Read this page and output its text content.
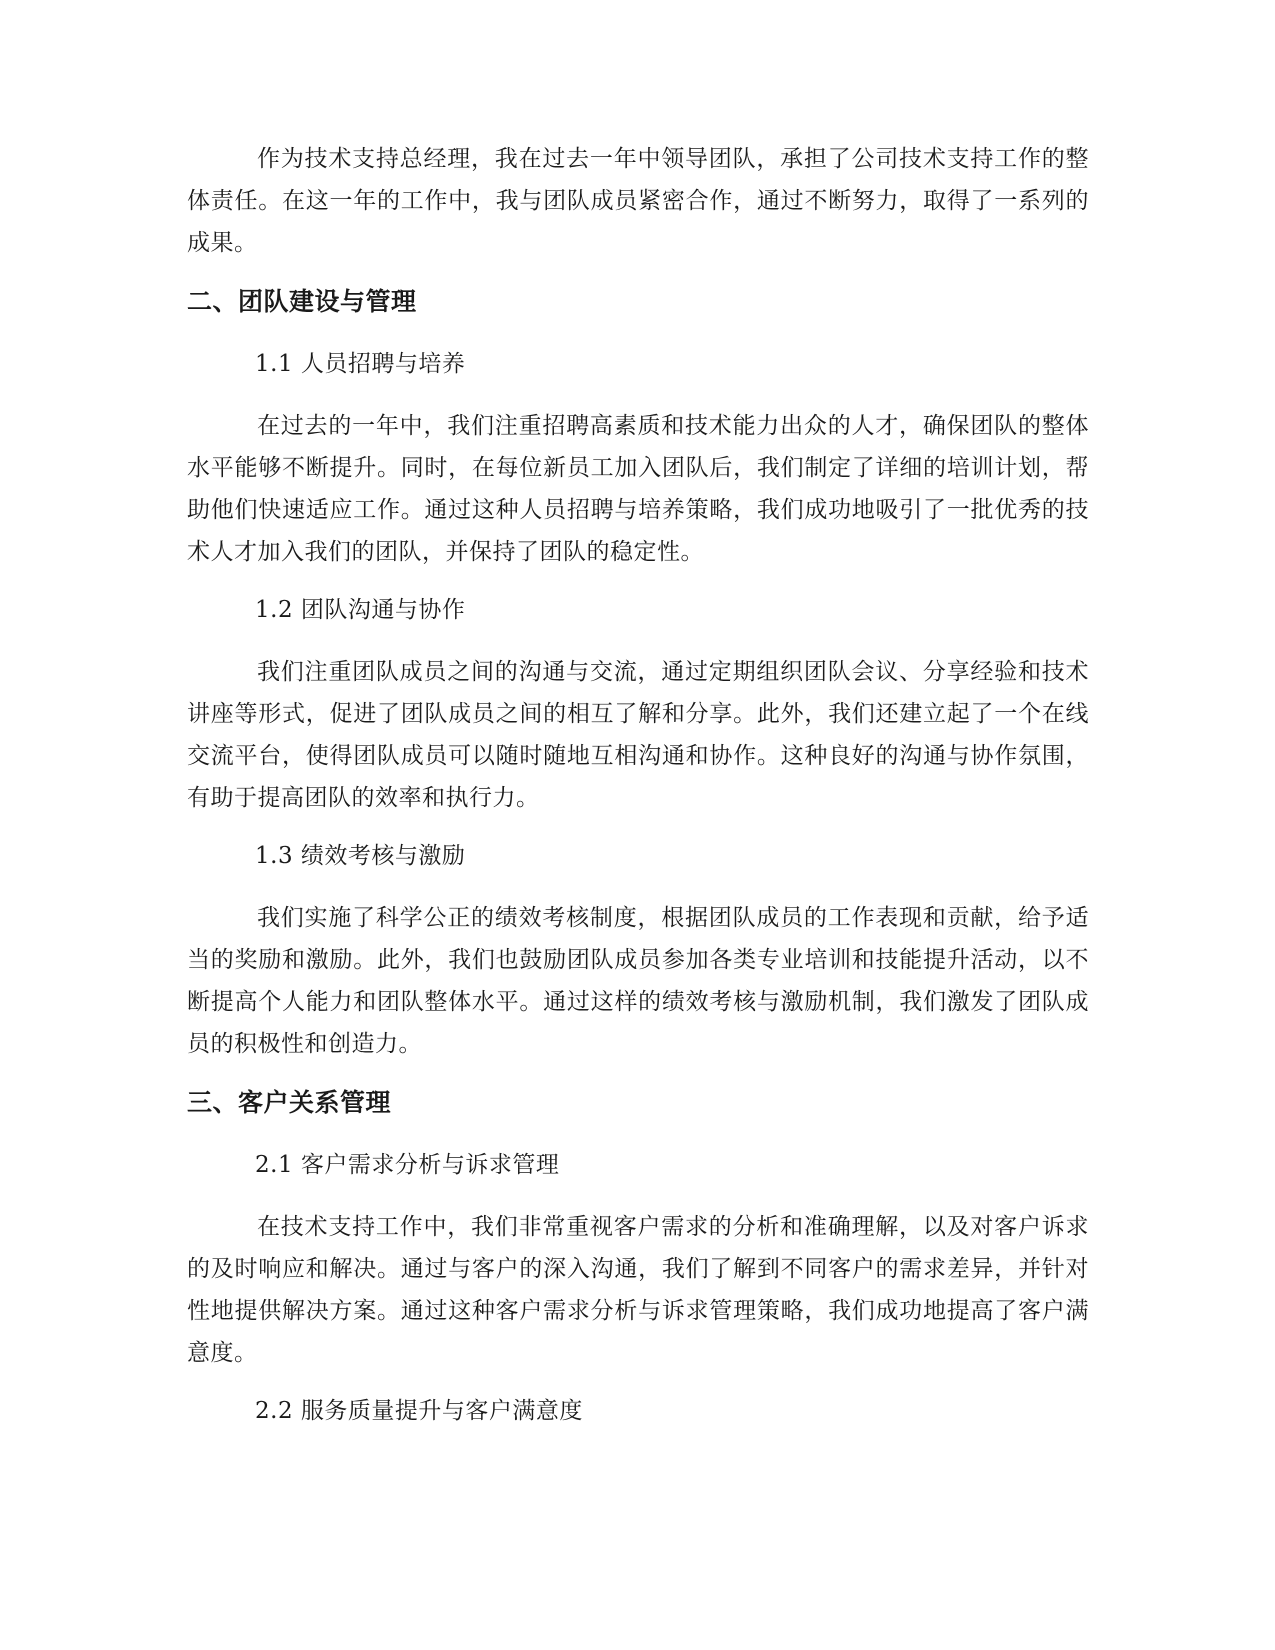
作为技术支持总经理，我在过去一年中领导团队，承担了公司技术支持工作的整体责任。在这一年的工作中，我与团队成员紧密合作，通过不断努力，取得了一系列的成果。

二、团队建设与管理
1.1 人员招聘与培养

在过去的一年中，我们注重招聘高素质和技术能力出众的人才，确保团队的整体水平能够不断提升。同时，在每位新员工加入团队后，我们制定了详细的培训计划，帮助他们快速适应工作。通过这种人员招聘与培养策略，我们成功地吸引了一批优秀的技术人才加入我们的团队，并保持了团队的稳定性。

1.2 团队沟通与协作

我们注重团队成员之间的沟通与交流，通过定期组织团队会议、分享经验和技术讲座等形式，促进了团队成员之间的相互了解和分享。此外，我们还建立起了一个在线交流平台，使得团队成员可以随时随地互相沟通和协作。这种良好的沟通与协作氛围，有助于提高团队的效率和执行力。

1.3 绩效考核与激励

我们实施了科学公正的绩效考核制度，根据团队成员的工作表现和贡献，给予适当的奖励和激励。此外，我们也鼓励团队成员参加各类专业培训和技能提升活动，以不断提高个人能力和团队整体水平。通过这样的绩效考核与激励机制，我们激发了团队成员的积极性和创造力。

三、客户关系管理
2.1 客户需求分析与诉求管理

在技术支持工作中，我们非常重视客户需求的分析和准确理解，以及对客户诉求的及时响应和解决。通过与客户的深入沟通，我们了解到不同客户的需求差异，并针对性地提供解决方案。通过这种客户需求分析与诉求管理策略，我们成功地提高了客户满意度。

2.2 服务质量提升与客户满意度
